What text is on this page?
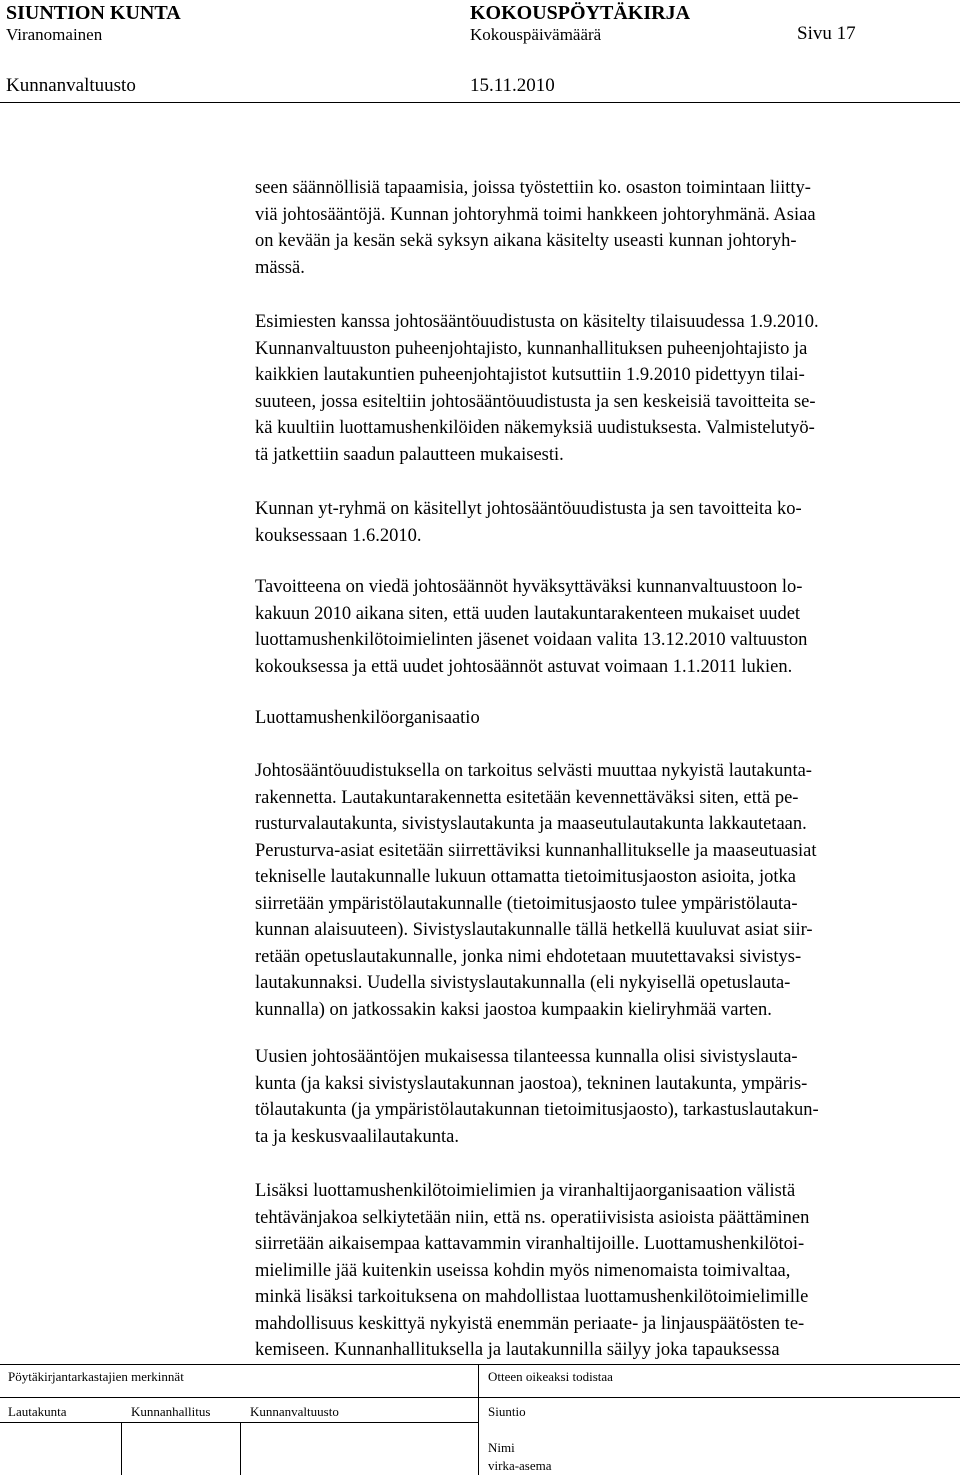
SIUNTION KUNTA	KOKOUSPÖYTÄKIRJA
Viranomainen	Kokouspäivämäärä	Sivu 17
Kunnanvaltuusto	15.11.2010
seen säännöllisiä tapaamisia, joissa työstettiin ko. osaston toimintaan liitty-
viä johtosääntöjä. Kunnan johtoryhmä toimi hankkeen johtoryhmänä. Asiaa
on kevään ja kesän sekä syksyn aikana käsitelty useasti kunnan johtoryh-
mässä.
Esimiesten kanssa johtosääntöuudistusta on käsitelty tilaisuudessa 1.9.2010.
Kunnanvaltuuston puheenjohtajisto, kunnanhallituksen puheenjohtajisto ja
kaikkien lautakuntien puheenjohtajistot kutsuttiin 1.9.2010 pidettyyn tilai-
suuteen, jossa esiteltiin johtosääntöuudistusta ja sen keskeisiä tavoitteita se-
kä kuultiin luottamushenkilöiden näkemyksiä uudistuksesta. Valmistelutyö-
tä jatkettiin saadun palautteen mukaisesti.
Kunnan yt-ryhmä on käsitellyt johtosääntöuudistusta ja sen tavoitteita ko-
kouksessaan 1.6.2010.
Tavoitteena on viedä johtosäännöt hyväksyttäväksi kunnanvaltuustoon lo-
kakuun 2010 aikana siten, että uuden lautakuntarakenteen mukaiset uudet
luottamushenkilötoimielinten jäsenet voidaan valita 13.12.2010 valtuuston
kokouksessa ja että uudet johtosäännöt astuvat voimaan 1.1.2011 lukien.
Luottamushenkilöorganisaatio
Johtosääntöuudistuksella on tarkoitus selvästi muuttaa nykyistä lautakunta-
rakennetta. Lautakuntarakennetta esitetään kevennettäväksi siten, että pe-
rusturvalautakunta, sivistyslautakunta ja maaseutulautakunta lakkautetaan.
Perusturva-asiat esitetään siirrettäviksi kunnanhallitukselle ja maaseutuasiat
tekniselle lautakunnalle lukuun ottamatta tietoimitusjaoston asioita, jotka
siirretään ympäristölautakunnalle (tietoimitusjaosto tulee ympäristölauta-
kunnan alaisuuteen). Sivistyslautakunnalle tällä hetkellä kuuluvat asiat siir-
retään opetuslautakunnalle, jonka nimi ehdotetaan muutettavaksi sivistys-
lautakunnaksi. Uudella sivistyslautakunnalla (eli nykyisellä opetuslauta-
kunnalla) on jatkossakin kaksi jaostoa kumpaakin kieliryhmää varten.
Uusien johtosääntöjen mukaisessa tilanteessa kunnalla olisi sivistyslauta-
kunta (ja kaksi sivistyslautakunnan jaostoa), tekninen lautakunta, ympäris-
tölautakunta (ja ympäristölautakunnan tietoimitusjaosto), tarkastuslautakun-
ta ja keskusvaalilautakunta.
Lisäksi luottamushenkilötoimielimien ja viranhaltijaorganisaation välistä
tehtävänjakoa selkiytetään niin, että ns. operatiivisista asioista päättäminen
siirretään aikaisempaa kattavammin viranhaltijoille. Luottamushenkilötoi-
mielimille jää kuitenkin useissa kohdin myös nimenomaista toimivaltaa,
minkä lisäksi tarkoituksena on mahdollistaa luottamushenkilötoimielimille
mahdollisuus keskittyä nykyistä enemmän periaate- ja linjauspäätösten te-
kemiseen. Kunnanhallituksella ja lautakunnilla säilyy joka tapauksessa
Pöytäkirjantarkastajien merkinnät	Otteen oikeaksi todistaa
Lautakunta	Kunnanhallitus	Kunnanvaltuusto	Siuntio
Nimi
virka-asema
